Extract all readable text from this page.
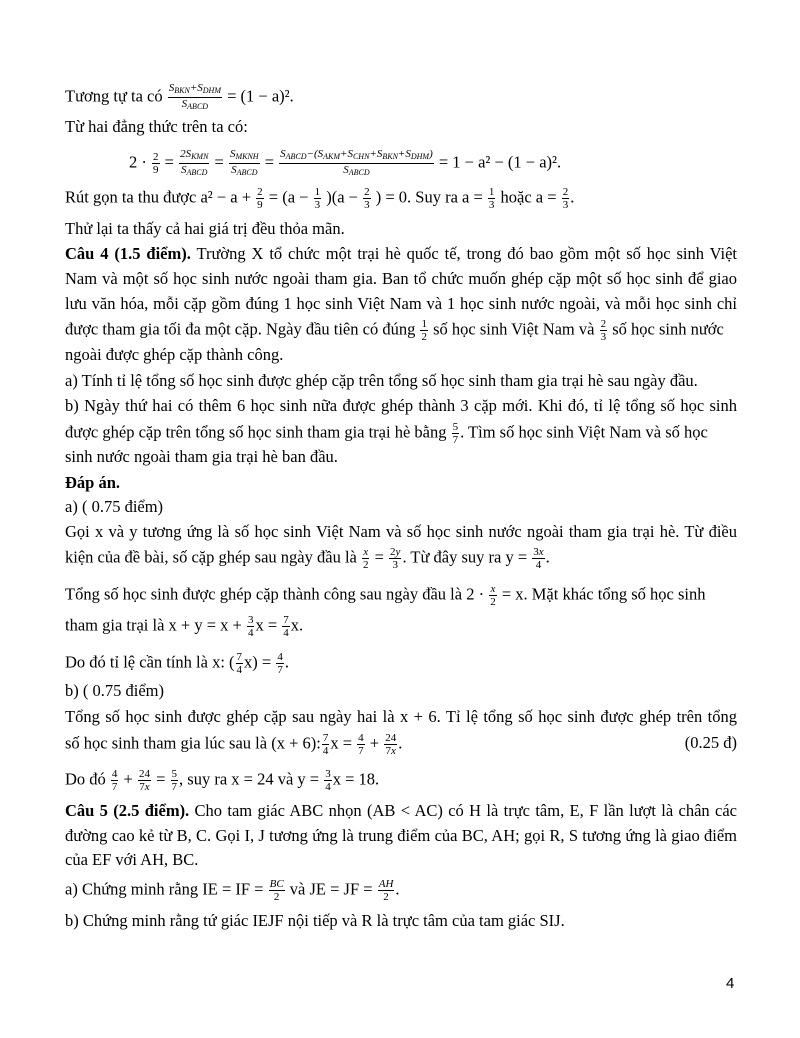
Tương tự ta có $\frac{S_{BKN}+S_{DHM}}{S_{ABCD}} = (1 - a)^2$.
Từ hai đẳng thức trên ta có:
$2 \cdot \frac{2}{9} = \frac{2S_{KMN}}{S_{ABCD}} = \frac{S_{MKNH}}{S_{ABCD}} = \frac{S_{ABCD}-(S_{AKM}+S_{CHN}+S_{BKN}+S_{DHM})}{S_{ABCD}} = 1 - a^2 - (1 - a)^2$.
Rút gọn ta thu được $a^2 - a + \frac{2}{9} = (a - \frac{1}{3} )(a - \frac{2}{3}$ ) = 0. Suy ra $a = \frac{1}{3}$ hoặc $a = \frac{2}{3}$ .
Thử lại ta thấy cả hai giá trị đều thỏa mãn.
Câu 4 (1.5 điểm). Trường X tổ chức một trại hè quốc tế, trong đó bao gồm một số học sinh Việt
Nam và một số học sinh nước ngoài tham gia. Ban tổ chức muốn ghép cặp một số học sinh để giao
lưu văn hóa, mỗi cặp gồm đúng 1 học sinh Việt Nam và 1 học sinh nước ngoài, và mỗi học sinh chỉ
được tham gia tối đa một cặp. Ngày đầu tiên có đúng $\frac{1}{2}$ số học sinh Việt Nam và $\frac{2}{3}$ số học sinh nước
ngoài được ghép cặp thành công.
a) Tính tỉ lệ tổng số học sinh được ghép cặp trên tổng số học sinh tham gia trại hè sau ngày đầu.
b) Ngày thứ hai có thêm 6 học sinh nữa được ghép thành 3 cặp mới. Khi đó, tỉ lệ tổng số học sinh
được ghép cặp trên tổng số học sinh tham gia trại hè bằng $\frac{5}{7}$ . Tìm số học sinh Việt Nam và số học
sinh nước ngoài tham gia trại hè ban đầu.
Đáp án.
a) ( 0.75 điểm)
Gọi x và y tương ứng là số học sinh Việt Nam và số học sinh nước ngoài tham gia trại hè. Từ điều
kiện của đề bài, số cặp ghép sau ngày đầu là $\frac{x}{2} = \frac{2y}{3}$ . Từ đây suy ra $y = \frac{3x}{4}$ .
Tổng số học sinh được ghép cặp thành công sau ngày đầu là $2 \cdot \frac{x}{2} = x$. Mặt khác tổng số học sinh
tham gia trại là $x + y = x + \frac{3}{4}$ $x = \frac{7}{4} x$.
Do đó tỉ lệ cần tính là x: ( $\frac{7}{4} x) = \frac{4}{7}$ .
b) ( 0.75 điểm)
Tổng số học sinh được ghép cặp sau ngày hai là x + 6. Tỉ lệ tổng số học sinh được ghép trên tổng
số học sinh tham gia lúc sau là (x + 6): $\frac{7}{4}$ $x = \frac{4}{7} + \frac{24}{7x}$ .	(0.25 đ)
Do đó $\frac{4}{7} + \frac{24}{7x} = \frac{5}{7}$ , suy ra x = 24 và $y = \frac{3}{4}$ x = 18.
Câu 5 (2.5 điểm). Cho tam giác ABC nhọn (AB < AC) có H là trực tâm, E, F lần lượt là chân các
đường cao kẻ từ B, C. Gọi I, J tương ứng là trung điểm của BC, AH; gọi R, S tương ứng là giao điểm
của EF với AH, BC.
a) Chứng minh rằng IE = IF = $\frac{BC}{2}$ và JE = JF = $\frac{AH}{2}$ .
b) Chứng minh rằng tứ giác IEJF nội tiếp và R là trực tâm của tam giác SIJ.
4
